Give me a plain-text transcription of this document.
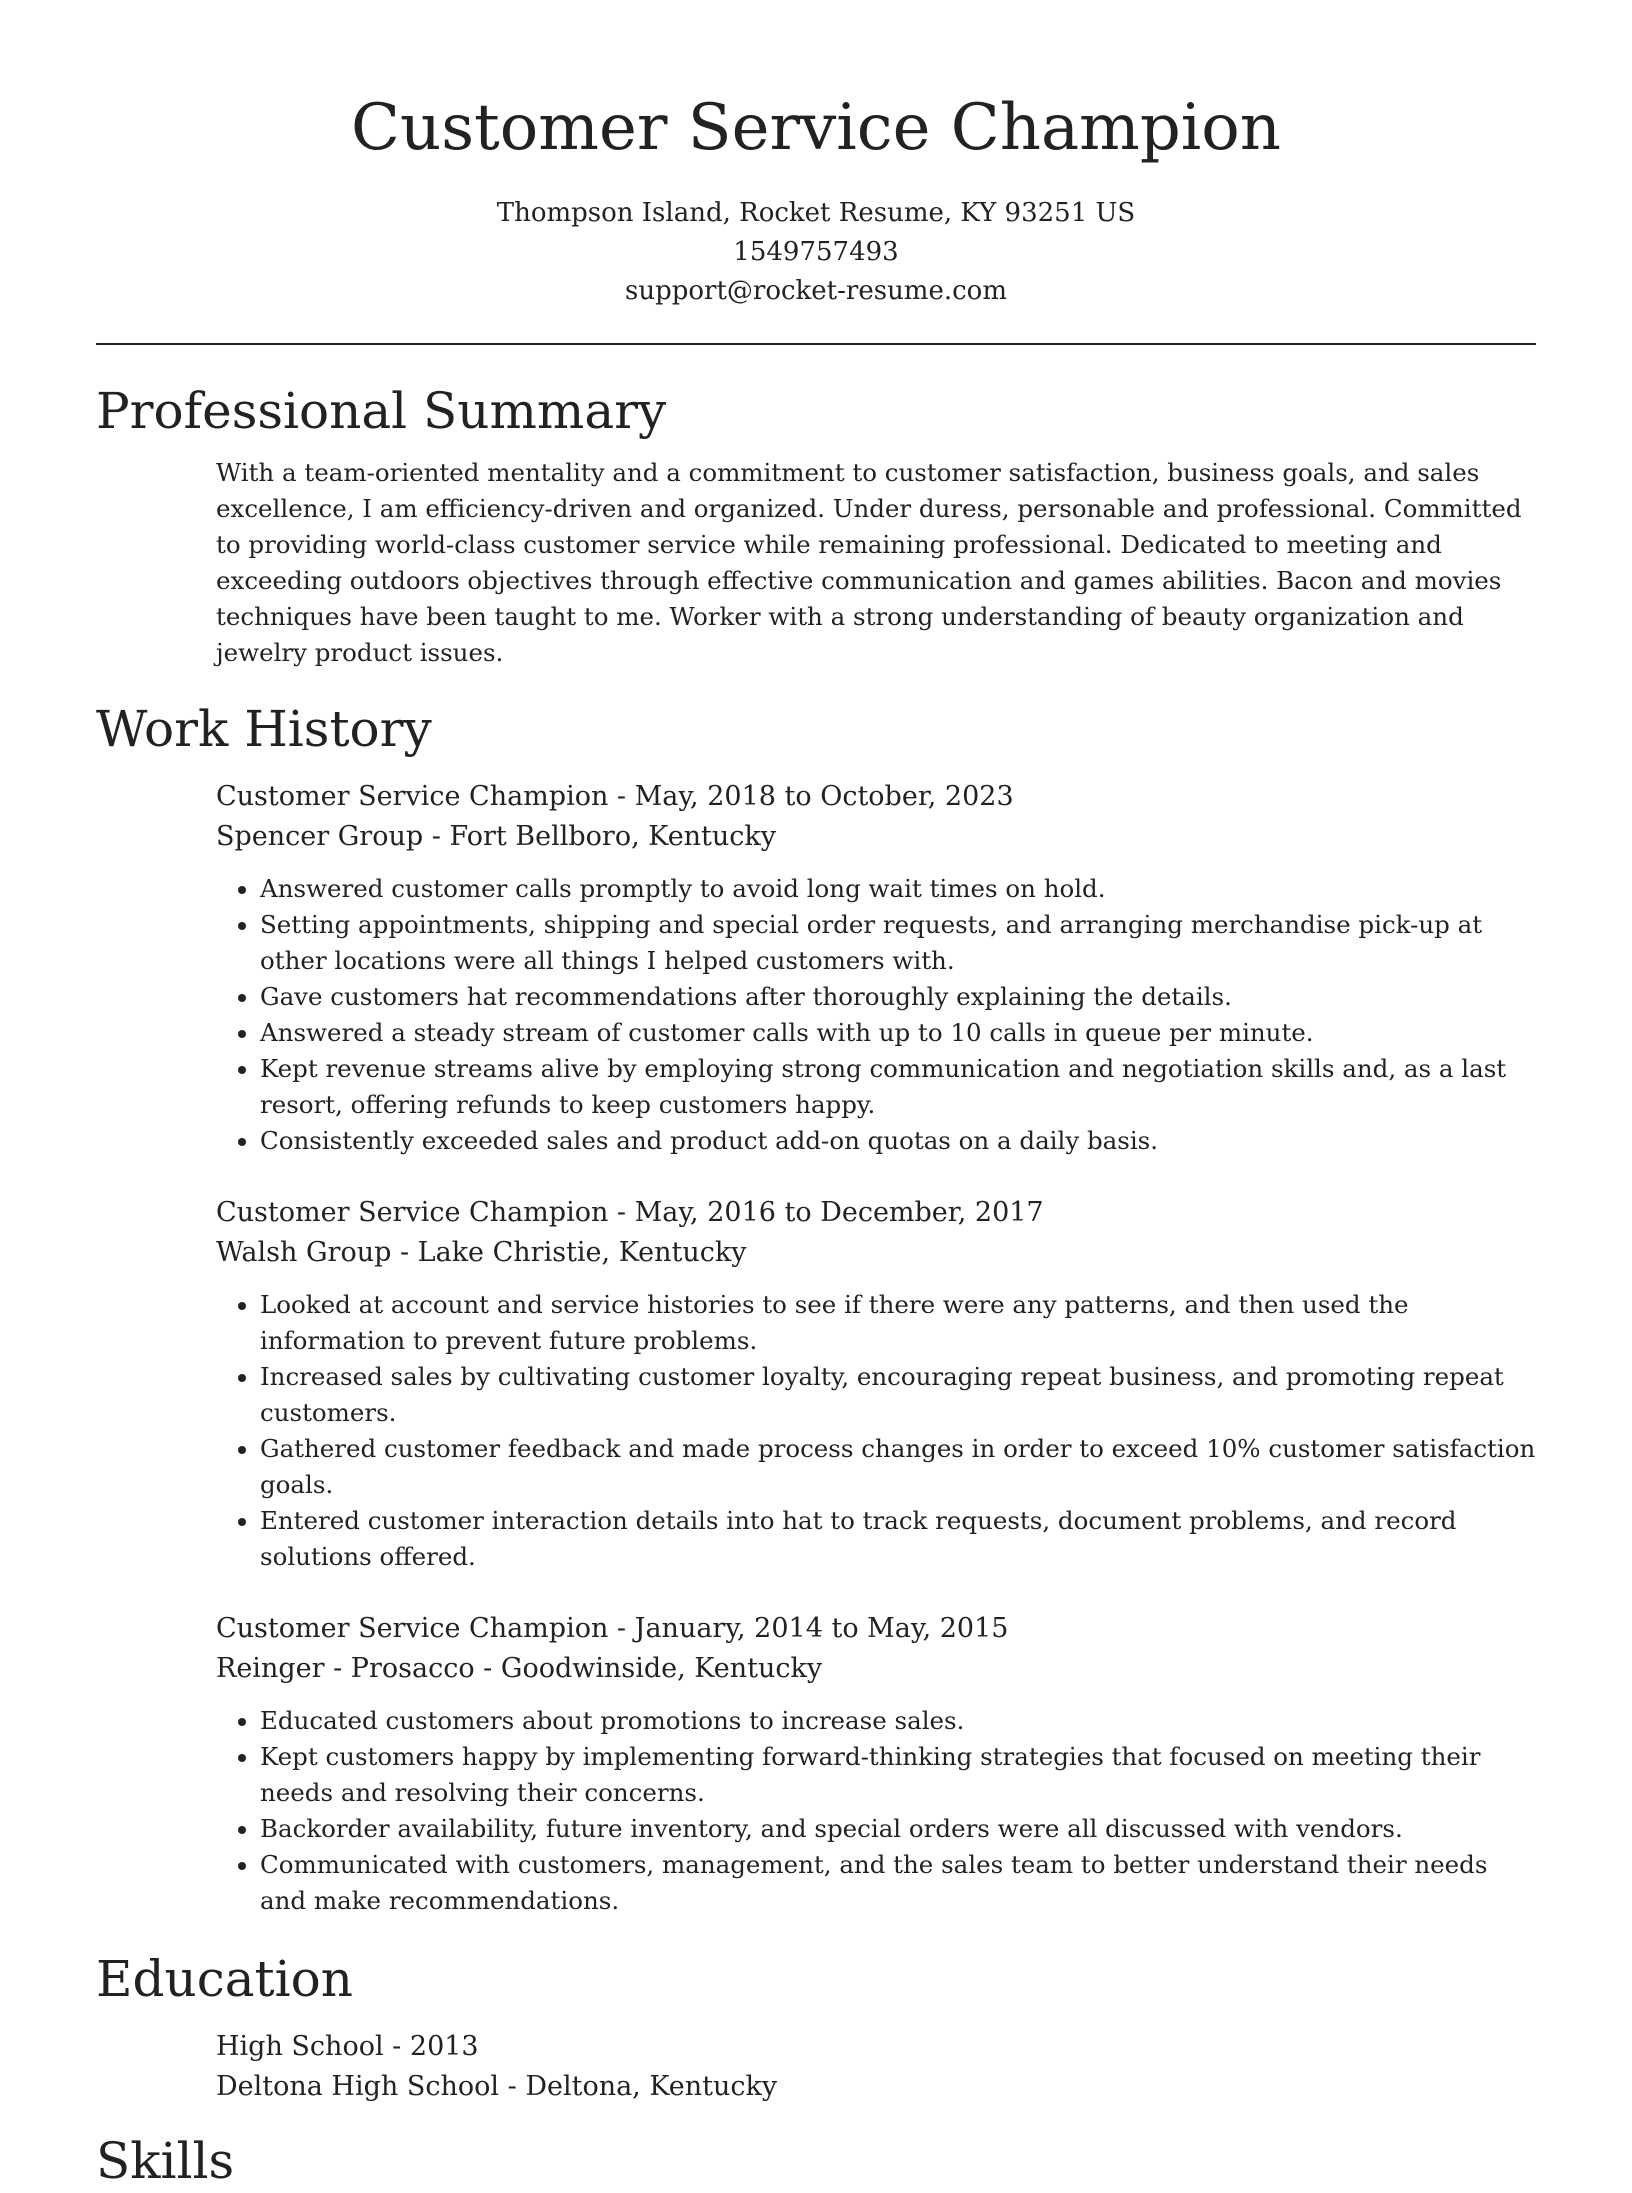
Customer Service Champion
Thompson Island, Rocket Resume, KY 93251 US
1549757493
support@rocket-resume.com
Professional Summary
With a team-oriented mentality and a commitment to customer satisfaction, business goals, and sales excellence, I am efficiency-driven and organized. Under duress, personable and professional. Committed to providing world-class customer service while remaining professional. Dedicated to meeting and exceeding outdoors objectives through effective communication and games abilities. Bacon and movies techniques have been taught to me. Worker with a strong understanding of beauty organization and jewelry product issues.
Work History
Customer Service Champion - May, 2018 to October, 2023
Spencer Group - Fort Bellboro, Kentucky
• Answered customer calls promptly to avoid long wait times on hold.
• Setting appointments, shipping and special order requests, and arranging merchandise pick-up at other locations were all things I helped customers with.
• Gave customers hat recommendations after thoroughly explaining the details.
• Answered a steady stream of customer calls with up to 10 calls in queue per minute.
• Kept revenue streams alive by employing strong communication and negotiation skills and, as a last resort, offering refunds to keep customers happy.
• Consistently exceeded sales and product add-on quotas on a daily basis.
Customer Service Champion - May, 2016 to December, 2017
Walsh Group - Lake Christie, Kentucky
• Looked at account and service histories to see if there were any patterns, and then used the information to prevent future problems.
• Increased sales by cultivating customer loyalty, encouraging repeat business, and promoting repeat customers.
• Gathered customer feedback and made process changes in order to exceed 10% customer satisfaction goals.
• Entered customer interaction details into hat to track requests, document problems, and record solutions offered.
Customer Service Champion - January, 2014 to May, 2015
Reinger - Prosacco - Goodwinside, Kentucky
• Educated customers about promotions to increase sales.
• Kept customers happy by implementing forward-thinking strategies that focused on meeting their needs and resolving their concerns.
• Backorder availability, future inventory, and special orders were all discussed with vendors.
• Communicated with customers, management, and the sales team to better understand their needs and make recommendations.
Education
High School - 2013
Deltona High School - Deltona, Kentucky
Skills
